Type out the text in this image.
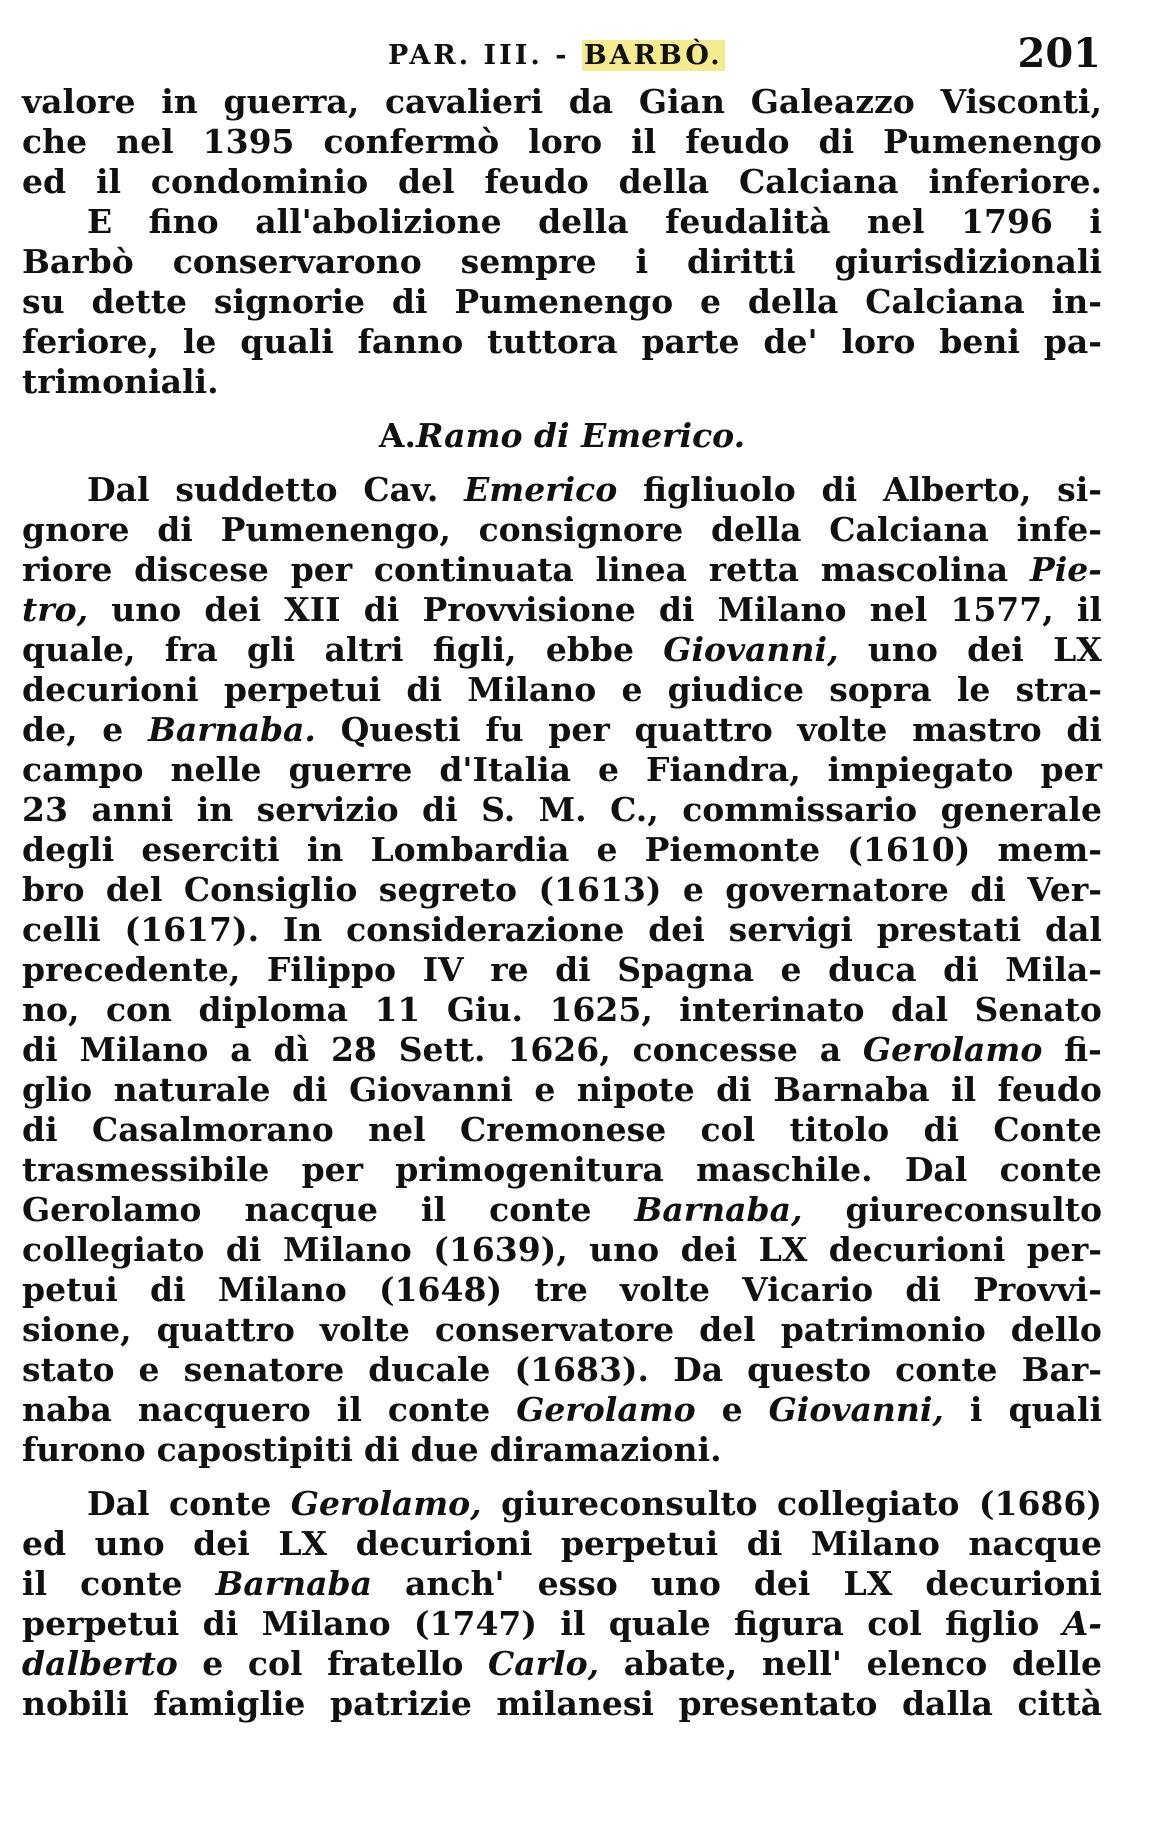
PAR. III. - BARBÒ.	201
valore in guerra, cavalieri da Gian Galeazzo Visconti,
che nel 1395 confermò loro il feudo di Pumenengo
ed il condominio del feudo della Calciana inferiore.
E fino all'abolizione della feudalità nel 1796 i
Barbò conservarono sempre i diritti giurisdizionali
su dette signorie di Pumenengo e della Calciana in-
feriore, le quali fanno tuttora parte de' loro beni pa-
trimoniali.
A. Ramo di Emerico.
Dal suddetto Cav. Emerico figliuolo di Alberto, si-
gnore di Pumenengo, consignore della Calciana infe-
riore discese per continuata linea retta mascolina Pie-
tro, uno dei XII di Provvisione di Milano nel 1577, il
quale, fra gli altri figli, ebbe Giovanni, uno dei LX
decurioni perpetui di Milano e giudice sopra le stra-
de, e Barnaba. Questi fu per quattro volte mastro di
campo nelle guerre d'Italia e Fiandra, impiegato per
23 anni in servizio di S. M. C., commissario generale
degli eserciti in Lombardia e Piemonte (1610) mem-
bro del Consiglio segreto (1613) e governatore di Ver-
celli (1617). In considerazione dei servigi prestati dal
precedente, Filippo IV re di Spagna e duca di Mila-
no, con diploma 11 Giu. 1625, interinato dal Senato
di Milano a dì 28 Sett. 1626, concesse a Gerolamo fi-
glio naturale di Giovanni e nipote di Barnaba il feudo
di Casalmorano nel Cremonese col titolo di Conte
trasmessibile per primogenitura maschile. Dal conte
Gerolamo nacque il conte Barnaba, giureconsulto
collegiato di Milano (1639), uno dei LX decurioni per-
petui di Milano (1648) tre volte Vicario di Provvi-
sione, quattro volte conservatore del patrimonio dello
stato e senatore ducale (1683). Da questo conte Bar-
naba nacquero il conte Gerolamo e Giovanni, i quali
furono capostipiti di due diramazioni.
Dal conte Gerolamo, giureconsulto collegiato (1686)
ed uno dei LX decurioni perpetui di Milano nacque
il conte Barnaba anch' esso uno dei LX decurioni
perpetui di Milano (1747) il quale figura col figlio A-
dalberto e col fratello Carlo, abate, nell' elenco delle
nobili famiglie patrizie milanesi presentato dalla città
